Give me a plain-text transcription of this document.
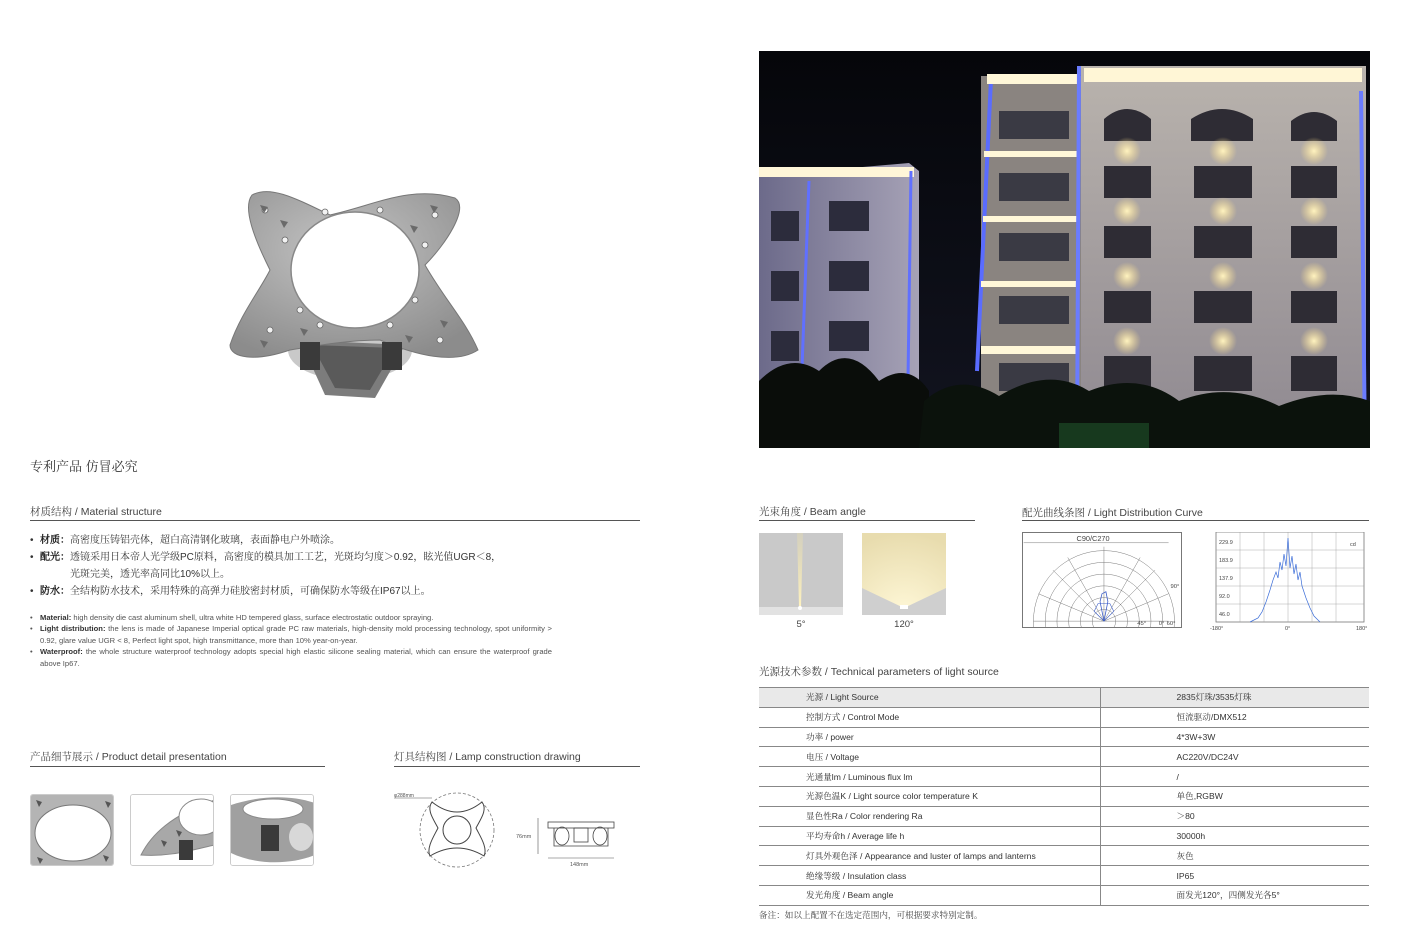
专利产品 仿冒必究
材质结构 / Material structure
• 材质：高密度压铸铝壳体，超白高清钢化玻璃，表面静电户外喷涂。
• 配光：透镜采用日本帝人光学级PC原料，高密度的模具加工工艺，光斑均匀度＞0.92，眩光值UGR＜8，
光斑完美，透光率高同比10%以上。
• 防水：全结构防水技术，采用特殊的高弹力硅胶密封材质，可确保防水等级在IP67以上。
• Material: high density die cast aluminum shell, ultra white HD tempered glass, surface electrostatic outdoor spraying.
• Light distribution: the lens is made of Japanese Imperial optical grade PC raw materials, high-density mold processing technology, spot uniformity > 0.92, glare value UGR < 8, Perfect light spot, high transmittance, more than 10% year-on-year.
• Waterproof: the whole structure waterproof technology adopts special high elastic silicone sealing material, which can ensure the waterproof grade above Ip67.
产品细节展示 / Product detail presentation	灯具结构图 / Lamp construction drawing
φ288mm
76mm
148mm
光束角度 / Beam angle
5°	120°
配光曲线条图 / Light Distribution Curve
C90/C270
90°
45° 0° 60°
229.9
183.9
137.9
92.0
46.0
cd
-180°	0°	180°
光源技术参数 / Technical parameters of light source
光源 / Light Source	2835灯珠/3535灯珠
控制方式 / Control Mode	恒流驱动/DMX512
功率 / power	4*3W+3W
电压 / Voltage	AC220V/DC24V
光通量lm / Luminous flux lm	/
光源色温K / Light source color temperature K	单色,RGBW
显色性Ra / Color rendering Ra	＞80
平均寿命h / Average life h	30000h
灯具外观色泽 / Appearance and luster of lamps and lanterns	灰色
绝缘等级 / Insulation class	IP65
发光角度 / Beam angle	面发光120°，四侧发光各5°
备注：如以上配置不在选定范围内，可根据要求特别定制。
